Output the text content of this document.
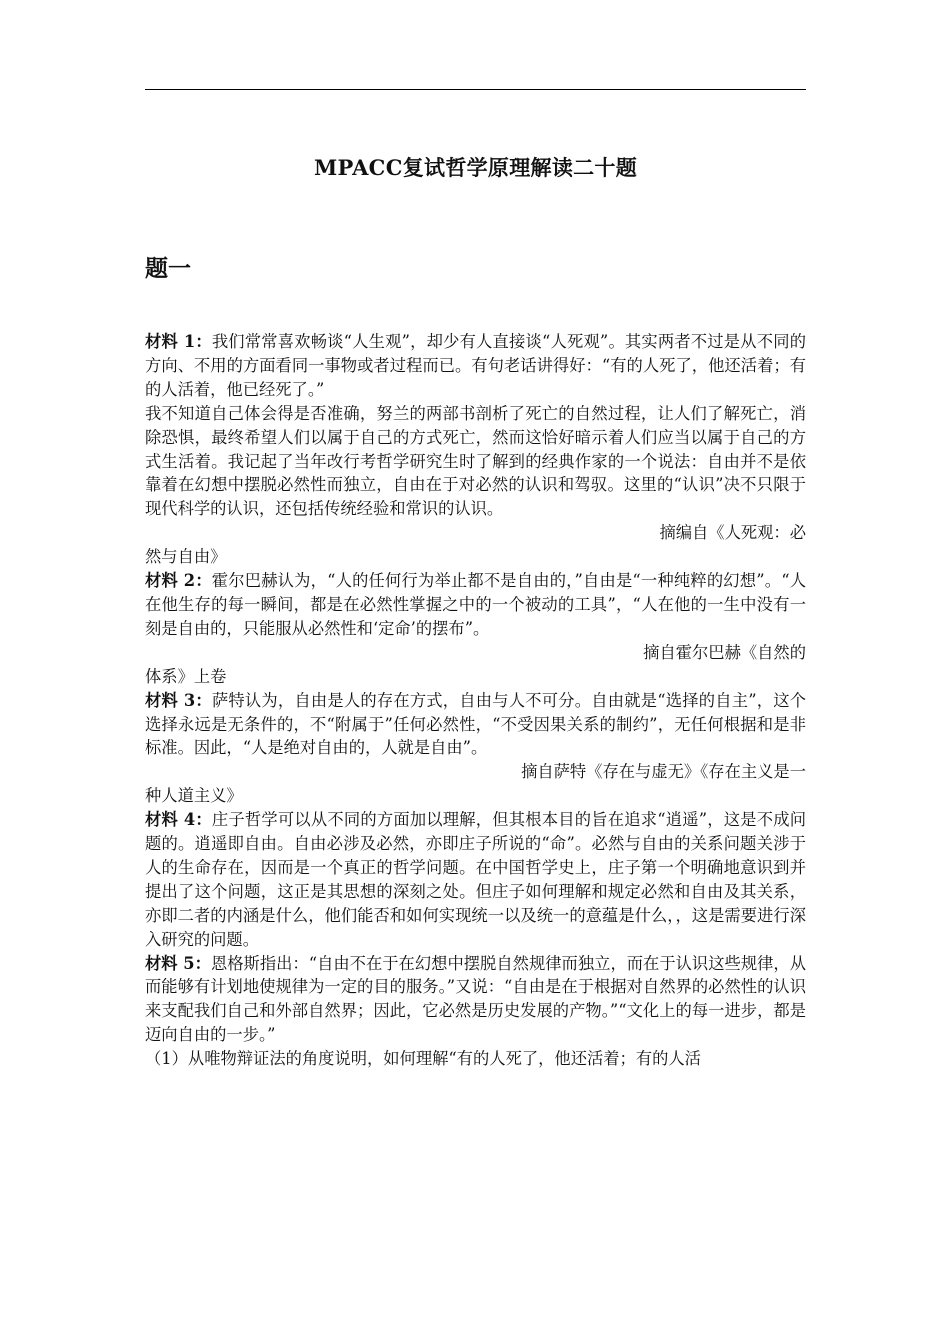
MPACC复试哲学原理解读二十题
题一

材料 1：我们常常喜欢畅谈“人生观”，却少有人直接谈“人死观”。其实两者不过是从不同的方向、不用的方面看同一事物或者过程而已。有句老话讲得好：“有的人死了，他还活着；有的人活着，他已经死了。”

我不知道自己体会得是否准确，努兰的两部书剖析了死亡的自然过程，让人们了解死亡，消除恐惧，最终希望人们以属于自己的方式死亡，然而这恰好暗示着人们应当以属于自己的方式生活着。我记起了当年改行考哲学研究生时了解到的经典作家的一个说法：自由并不是依靠着在幻想中摆脱必然性而独立，自由在于对必然的认识和驾驭。这里的“认识”决不只限于现代科学的认识，还包括传统经验和常识的认识。

摘编自《人死观：必

然与自由》

材料 2：霍尔巴赫认为，“人的任何行为举止都不是自由的，”自由是“一种纯粹的幻想”。“人在他生存的每一瞬间，都是在必然性掌握之中的一个被动的工具”，“人在他的一生中没有一刻是自由的，只能服从必然性和‘定命’的摆布”。

摘自霍尔巴赫《自然的

体系》上卷

材料 3：萨特认为，自由是人的存在方式，自由与人不可分。自由就是“选择的自主”，这个选择永远是无条件的，不“附属于”任何必然性，“不受因果关系的制约”，无任何根据和是非标准。因此，“人是绝对自由的，人就是自由”。

摘自萨特《存在与虚无》《存在主义是一

种人道主义》

材料 4：庄子哲学可以从不同的方面加以理解，但其根本目的旨在追求“逍遥”，这是不成问题的。逍遥即自由。自由必涉及必然，亦即庄子所说的“命”。必然与自由的关系问题关涉于人的生命存在，因而是一个真正的哲学问题。在中国哲学史上，庄子第一个明确地意识到并提出了这个问题，这正是其思想的深刻之处。但庄子如何理解和规定必然和自由及其关系，亦即二者的内涵是什么，他们能否和如何实现统一以及统一的意蕴是什么，，这是需要进行深入研究的问题。

材料 5：恩格斯指出：“自由不在于在幻想中摆脱自然规律而独立，而在于认识这些规律，从而能够有计划地使规律为一定的目的服务。”又说：“自由是在于根据对自然界的必然性的认识来支配我们自己和外部自然界；因此，它必然是历史发展的产物。”“文化上的每一进步，都是迈向自由的一步。”

（1）从唯物辩证法的角度说明，如何理解“有的人死了，他还活着；有的人活
